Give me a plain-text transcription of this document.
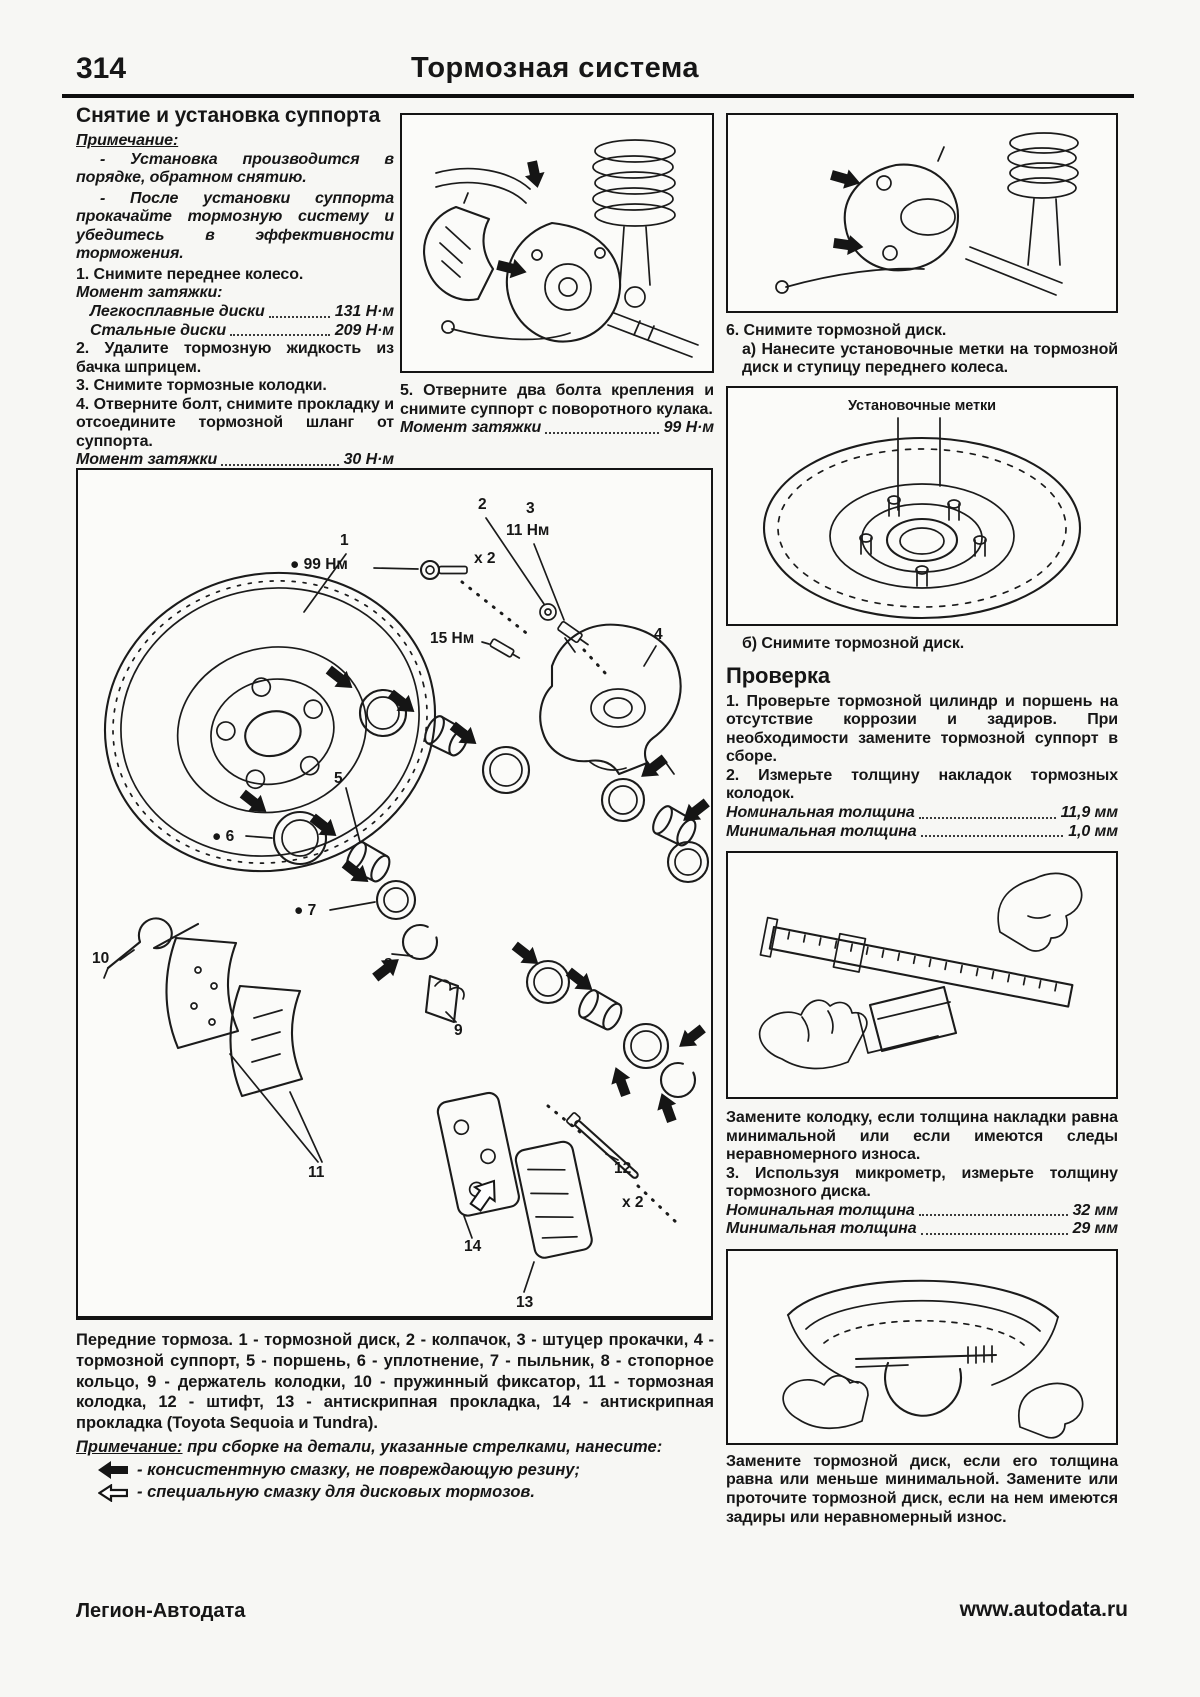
314	Тормозная система

Снятие и установка суппорта

Примечание:

- Установка производится в порядке, обратном снятию.

- После установки суппорта прокачайте тормозную систему и убедитесь в эффективности торможения.

1. Снимите переднее колесо.

Момент затяжки:

Легкосплавные диски	131 Н·м

Стальные диски	209 Н·м

2. Удалите тормозную жидкость из бачка шприцем.

3. Снимите тормозные колодки.

4. Отверните болт, снимите прокладку и отсоедините тормозной шланг от суппорта.

Момент затяжки	30 Н·м

5. Отверните два болта крепления и снимите суппорт с поворотного кулака.

Момент затяжки	99 Н·м

6. Снимите тормозной диск.

а) Нанесите установочные метки на тормозной диск и ступицу переднего колеса.

Установочные метки

б) Снимите тормозной диск.

Проверка

1. Проверьте тормозной цилиндр и поршень на отсутствие коррозии и задиров. При необходимости замените тормозной суппорт в сборе.

2. Измерьте толщину накладок тормозных колодок.

Номинальная толщина	11,9 мм

Минимальная толщина	1,0 мм

Замените колодку, если толщина накладки равна минимальной или если имеются следы неравномерного износа.

3. Используя микрометр, измерьте толщину тормозного диска.

Номинальная толщина	32 мм

Минимальная толщина	29 мм

Замените тормозной диск, если его толщина равна или меньше минимальной. Замените или проточите тормозной диск, если на нем имеются задиры или неравномерный износ.

1
2	3
11 Нм
● 99 Нм	х 2
15 Нм	4
5
● 6
● 7
8
9
10
11	12
х 2
13
14

Передние тормоза. 1 - тормозной диск, 2 - колпачок, 3 - штуцер прокачки, 4 - тормозной суппорт, 5 - поршень, 6 - уплотнение, 7 - пыльник, 8 - стопорное кольцо, 9 - держатель колодки, 10 - пружинный фиксатор, 11 - тормозная колодка, 12 - штифт, 13 - антискрипная прокладка, 14 - антискрипная прокладка (Toyota Sequoia и Tundra).

Примечание: при сборке на детали, указанные стрелками, нанесите:

- консистентную смазку, не повреждающую резину;
- специальную смазку для дисковых тормозов.
Легион-Автодата	www.autodata.ru
